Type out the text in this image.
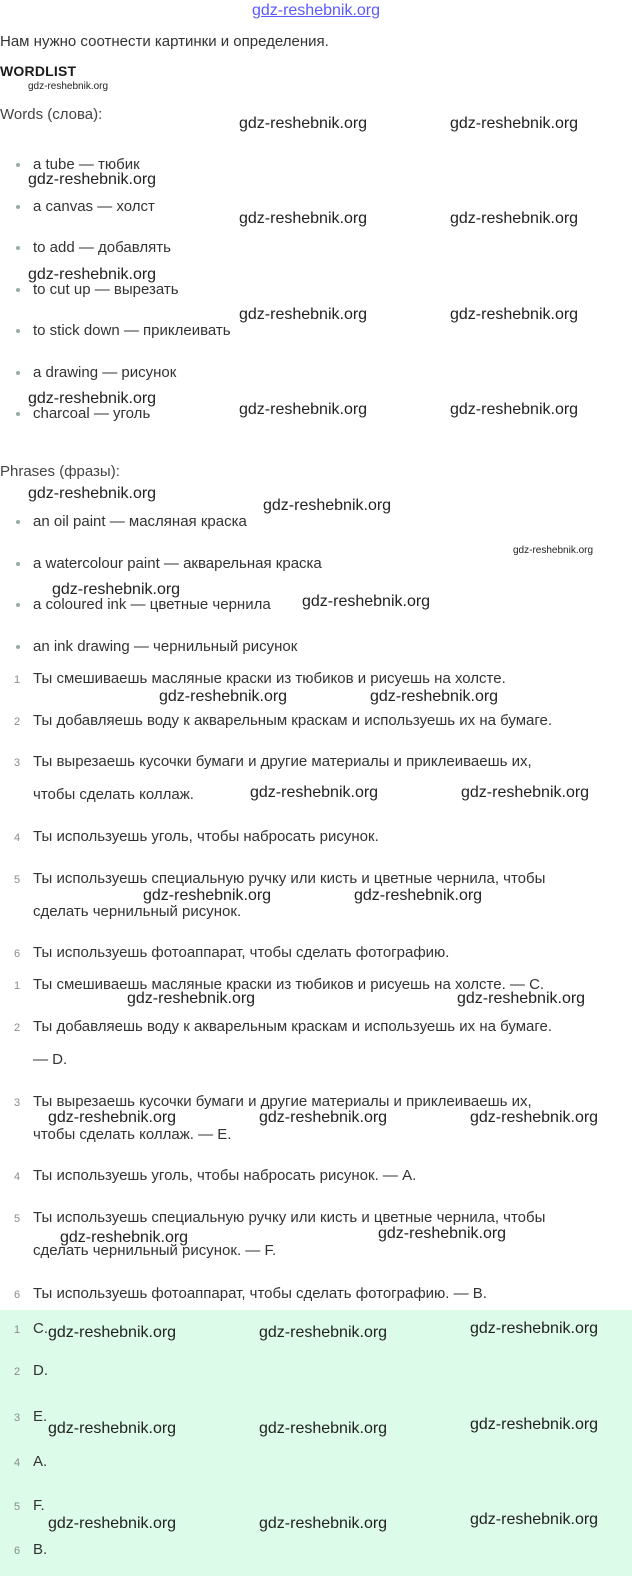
gdz-reshebnik.org
Нам нужно соотнести картинки и определения.
WORDLIST
Words (слова):
a tube — тюбик
a canvas — холст
to add — добавлять
to cut up — вырезать
to stick down — приклеивать
a drawing — рисунок
charcoal — уголь
Phrases (фразы):
an oil paint — масляная краска
a watercolour paint — акварельная краска
a coloured ink — цветные чернила
an ink drawing — чернильный рисунок
1 Ты смешиваешь масляные краски из тюбиков и рисуешь на холсте.
2 Ты добавляешь воду к акварельным краскам и используешь их на бумаге.
3 Ты вырезаешь кусочки бумаги и другие материалы и приклеиваешь их,
чтобы сделать коллаж.
4 Ты используешь уголь, чтобы набросать рисунок.
5 Ты используешь специальную ручку или кисть и цветные чернила, чтобы
сделать чернильный рисунок.
6 Ты используешь фотоаппарат, чтобы сделать фотографию.
1 Ты смешиваешь масляные краски из тюбиков и рисуешь на холсте. — C.
2 Ты добавляешь воду к акварельным краскам и используешь их на бумаге.
— D.
3 Ты вырезаешь кусочки бумаги и другие материалы и приклеиваешь их,
чтобы сделать коллаж. — E.
4 Ты используешь уголь, чтобы набросать рисунок. — A.
5 Ты используешь специальную ручку или кисть и цветные чернила, чтобы
сделать чернильный рисунок. — F.
6 Ты используешь фотоаппарат, чтобы сделать фотографию. — B.
1 C.
2 D.
3 E.
4 A.
5 F.
6 B.
gdz-reshebnik.org
gdz-reshebnik.org	gdz-reshebnik.org
gdz-reshebnik.org
gdz-reshebnik.org	gdz-reshebnik.org
gdz-reshebnik.org
gdz-reshebnik.org	gdz-reshebnik.org
gdz-reshebnik.org
gdz-reshebnik.org	gdz-reshebnik.org
gdz-reshebnik.org
gdz-reshebnik.org
gdz-reshebnik.org
gdz-reshebnik.org
gdz-reshebnik.org
gdz-reshebnik.org	gdz-reshebnik.org
gdz-reshebnik.org	gdz-reshebnik.org
gdz-reshebnik.org	gdz-reshebnik.org
gdz-reshebnik.org	gdz-reshebnik.org
gdz-reshebnik.org	gdz-reshebnik.org	gdz-reshebnik.org
gdz-reshebnik.org	gdz-reshebnik.org
gdz-reshebnik.org	gdz-reshebnik.org	gdz-reshebnik.org
gdz-reshebnik.org	gdz-reshebnik.org	gdz-reshebnik.org
gdz-reshebnik.org	gdz-reshebnik.org	gdz-reshebnik.org
